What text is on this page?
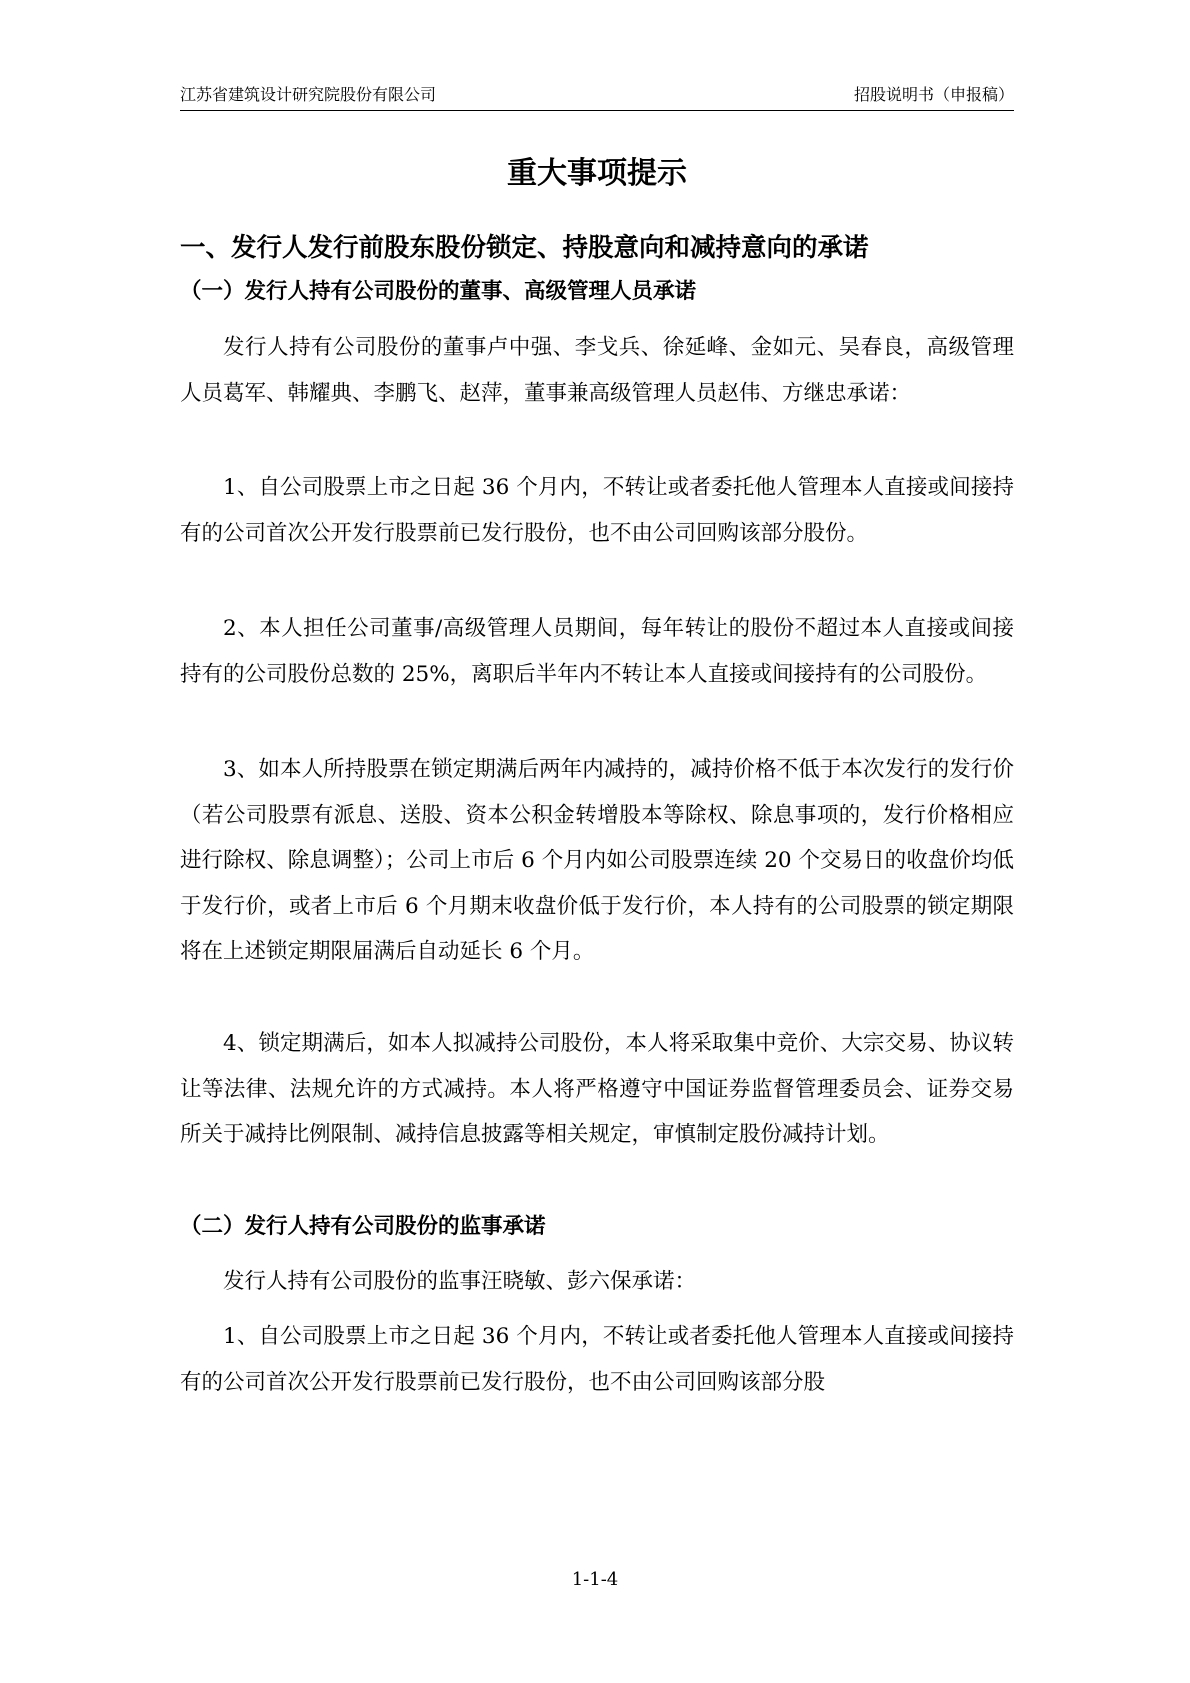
江苏省建筑设计研究院股份有限公司	招股说明书（申报稿）
重大事项提示
一、发行人发行前股东股份锁定、持股意向和减持意向的承诺
（一）发行人持有公司股份的董事、高级管理人员承诺

发行人持有公司股份的董事卢中强、李戈兵、徐延峰、金如元、吴春良，高级管理人员葛军、韩耀典、李鹏飞、赵萍，董事兼高级管理人员赵伟、方继忠承诺：

1、自公司股票上市之日起 36 个月内，不转让或者委托他人管理本人直接或间接持有的公司首次公开发行股票前已发行股份，也不由公司回购该部分股份。

2、本人担任公司董事/高级管理人员期间，每年转让的股份不超过本人直接或间接持有的公司股份总数的 25%，离职后半年内不转让本人直接或间接持有的公司股份。

3、如本人所持股票在锁定期满后两年内减持的，减持价格不低于本次发行的发行价（若公司股票有派息、送股、资本公积金转增股本等除权、除息事项的，发行价格相应进行除权、除息调整）；公司上市后 6 个月内如公司股票连续 20 个交易日的收盘价均低于发行价，或者上市后 6 个月期末收盘价低于发行价，本人持有的公司股票的锁定期限将在上述锁定期限届满后自动延长 6 个月。

4、锁定期满后，如本人拟减持公司股份，本人将采取集中竞价、大宗交易、协议转让等法律、法规允许的方式减持。本人将严格遵守中国证券监督管理委员会、证券交易所关于减持比例限制、减持信息披露等相关规定，审慎制定股份减持计划。

（二）发行人持有公司股份的监事承诺

发行人持有公司股份的监事汪晓敏、彭六保承诺：

1、自公司股票上市之日起 36 个月内，不转让或者委托他人管理本人直接或间接持有的公司首次公开发行股票前已发行股份，也不由公司回购该部分股

1-1-4
